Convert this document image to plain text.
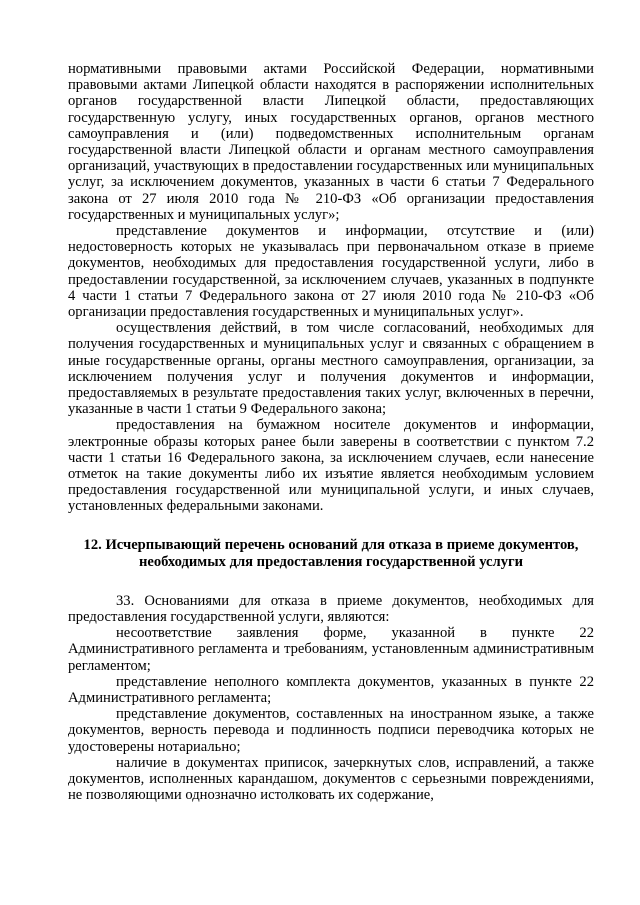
нормативными правовыми актами Российской Федерации, нормативными правовыми актами Липецкой области находятся в распоряжении исполнительных органов государственной власти Липецкой области, предоставляющих государственную услугу, иных государственных органов, органов местного самоуправления и (или) подведомственных исполнительным органам государственной власти Липецкой области и органам местного самоуправления организаций, участвующих в предоставлении государственных или муниципальных услуг, за исключением документов, указанных в части 6 статьи 7 Федерального закона от 27 июля 2010 года № 210-ФЗ «Об организации предоставления государственных и муниципальных услуг»;

представление документов и информации, отсутствие и (или) недостоверность которых не указывалась при первоначальном отказе в приеме документов, необходимых для предоставления государственной услуги, либо в предоставлении государственной, за исключением случаев, указанных в подпункте 4 части 1 статьи 7 Федерального закона от 27 июля 2010 года № 210-ФЗ «Об организации предоставления государственных и муниципальных услуг».

осуществления действий, в том числе согласований, необходимых для получения государственных и муниципальных услуг и связанных с обращением в иные государственные органы, органы местного самоуправления, организации, за исключением получения услуг и получения документов и информации, предоставляемых в результате предоставления таких услуг, включенных в перечни, указанные в части 1 статьи 9 Федерального закона;

предоставления на бумажном носителе документов и информации, электронные образы которых ранее были заверены в соответствии с пунктом 7.2 части 1 статьи 16 Федерального закона, за исключением случаев, если нанесение отметок на такие документы либо их изъятие является необходимым условием предоставления государственной или муниципальной услуги, и иных случаев, установленных федеральными законами.

12. Исчерпывающий перечень оснований для отказа в приеме документов,
необходимых для предоставления государственной услуги

33. Основаниями для отказа в приеме документов, необходимых для предоставления государственной услуги, являются:

несоответствие заявления форме, указанной в пункте 22 Административного регламента и требованиям, установленным административным регламентом;

представление неполного комплекта документов, указанных в пункте 22 Административного регламента;

представление документов, составленных на иностранном языке, а также документов, верность перевода и подлинность подписи переводчика которых не удостоверены нотариально;

наличие в документах приписок, зачеркнутых слов, исправлений, а также документов, исполненных карандашом, документов с серьезными повреждениями, не позволяющими однозначно истолковать их содержание,
